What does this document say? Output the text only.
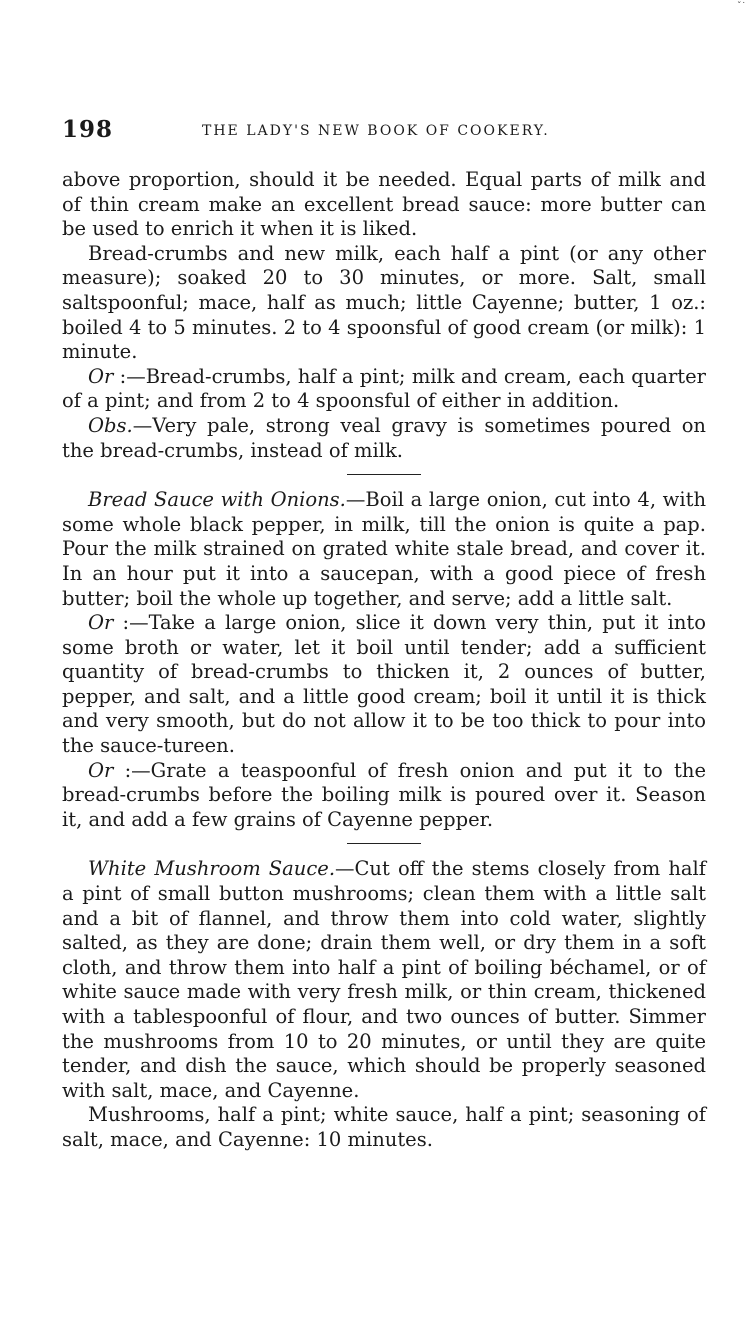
ˇ˙
198	THE LADY'S NEW BOOK OF COOKERY.

above proportion, should it be needed. Equal parts of milk and of thin cream make an excellent bread sauce: more butter can be used to enrich it when it is liked.

Bread-crumbs and new milk, each half a pint (or any other measure); soaked 20 to 30 minutes, or more. Salt, small saltspoonful; mace, half as much; little Cayenne; butter, 1 oz.: boiled 4 to 5 minutes. 2 to 4 spoonsful of good cream (or milk): 1 minute.

Or :—Bread-crumbs, half a pint; milk and cream, each quarter of a pint; and from 2 to 4 spoonsful of either in addition.

Obs.—Very pale, strong veal gravy is sometimes poured on the bread-crumbs, instead of milk.

Bread Sauce with Onions.—Boil a large onion, cut into 4, with some whole black pepper, in milk, till the onion is quite a pap. Pour the milk strained on grated white stale bread, and cover it. In an hour put it into a saucepan, with a good piece of fresh butter; boil the whole up together, and serve; add a little salt.

Or :—Take a large onion, slice it down very thin, put it into some broth or water, let it boil until tender; add a sufficient quantity of bread-crumbs to thicken it, 2 ounces of butter, pepper, and salt, and a little good cream; boil it until it is thick and very smooth, but do not allow it to be too thick to pour into the sauce-tureen.

Or :—Grate a teaspoonful of fresh onion and put it to the bread-crumbs before the boiling milk is poured over it. Season it, and add a few grains of Cayenne pepper.

White Mushroom Sauce.—Cut off the stems closely from half a pint of small button mushrooms; clean them with a little salt and a bit of flannel, and throw them into cold water, slightly salted, as they are done; drain them well, or dry them in a soft cloth, and throw them into half a pint of boiling béchamel, or of white sauce made with very fresh milk, or thin cream, thickened with a tablespoonful of flour, and two ounces of butter. Simmer the mushrooms from 10 to 20 minutes, or until they are quite tender, and dish the sauce, which should be properly seasoned with salt, mace, and Cayenne.

Mushrooms, half a pint; white sauce, half a pint; seasoning of salt, mace, and Cayenne: 10 minutes.
